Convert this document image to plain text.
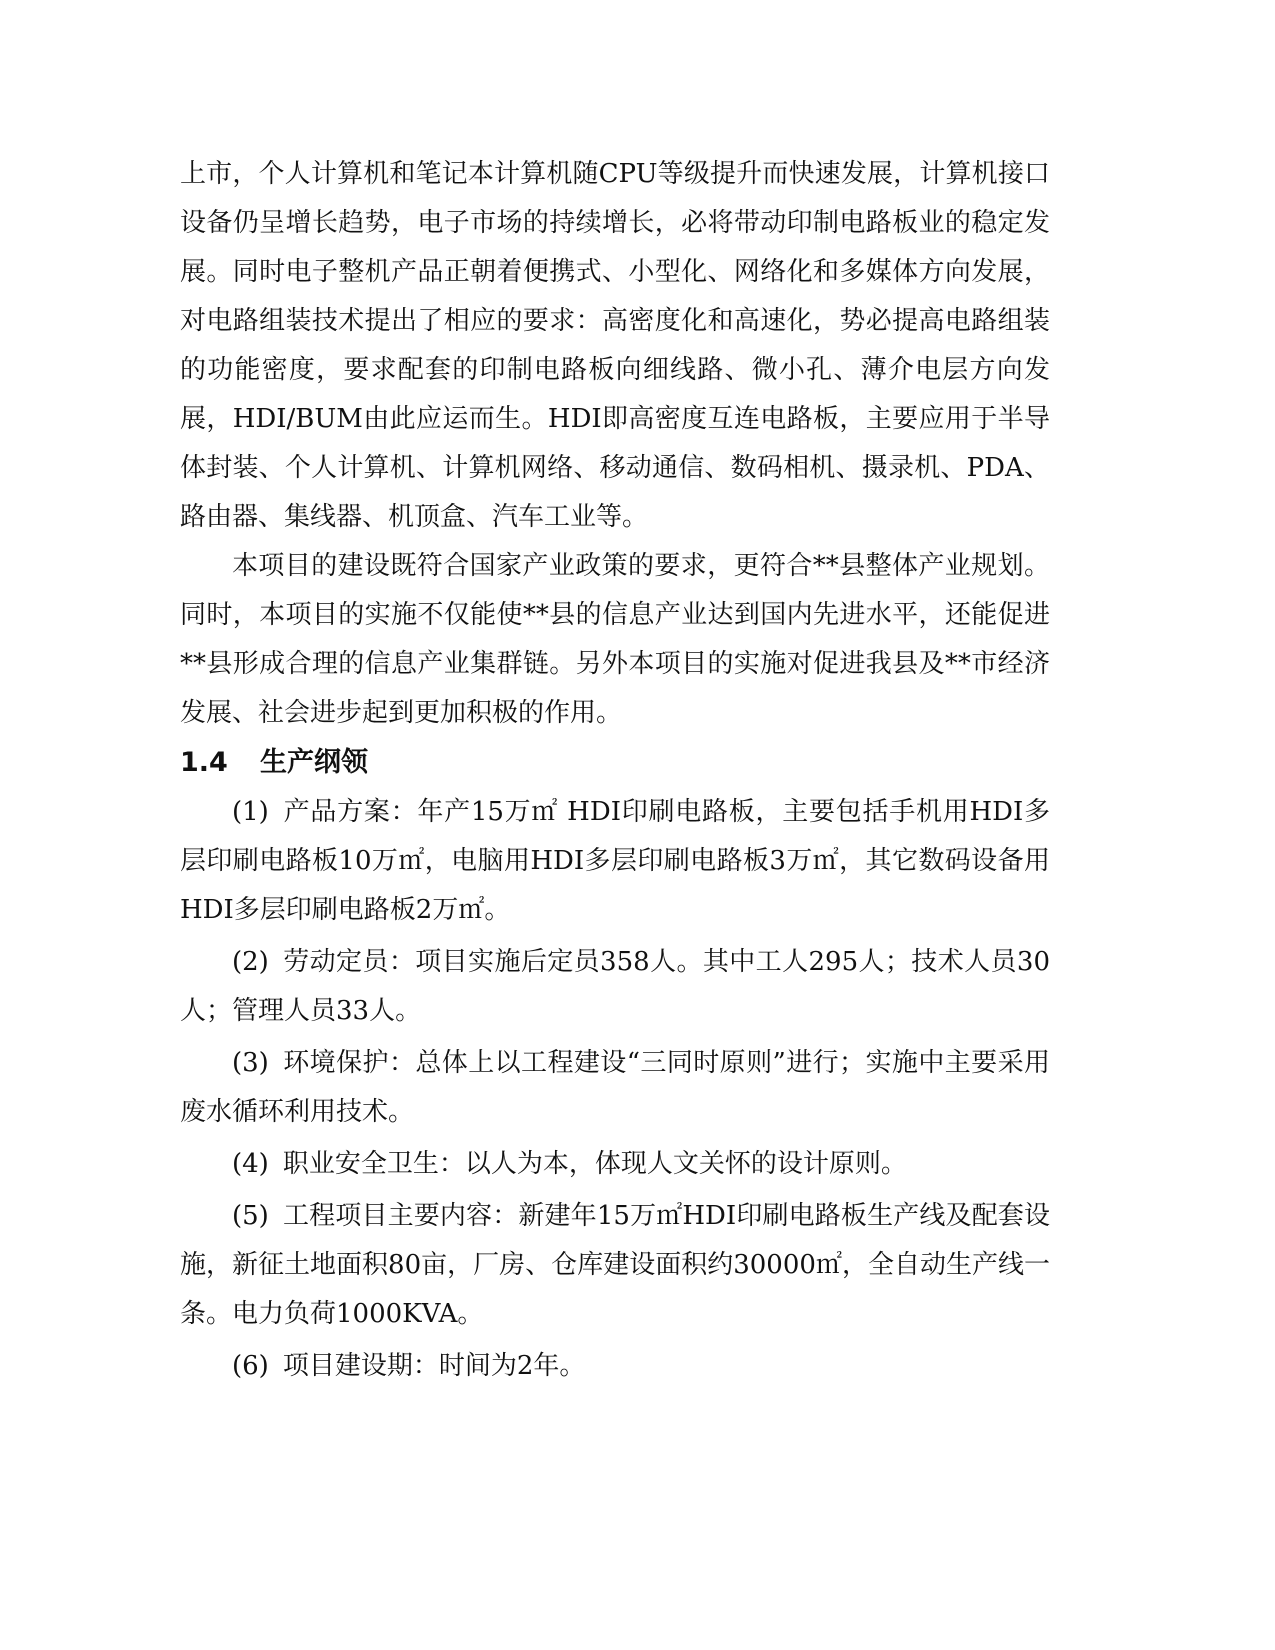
上市，个人计算机和笔记本计算机随CPU等级提升而快速发展，计算机接口设备仍呈增长趋势，电子市场的持续增长，必将带动印制电路板业的稳定发展。同时电子整机产品正朝着便携式、小型化、网络化和多媒体方向发展，对电路组装技术提出了相应的要求：高密度化和高速化，势必提高电路组装的功能密度，要求配套的印制电路板向细线路、微小孔、薄介电层方向发展，HDI/BUM由此应运而生。HDI即高密度互连电路板，主要应用于半导体封装、个人计算机、计算机网络、移动通信、数码相机、摄录机、PDA、路由器、集线器、机顶盒、汽车工业等。

本项目的建设既符合国家产业政策的要求，更符合**县整体产业规划。同时，本项目的实施不仅能使**县的信息产业达到国内先进水平，还能促进**县形成合理的信息产业集群链。另外本项目的实施对促进我县及**市经济发展、社会进步起到更加积极的作用。

1.4 生产纲领

(1) 产品方案：年产15万㎡ HDI印刷电路板，主要包括手机用HDI多层印刷电路板10万㎡，电脑用HDI多层印刷电路板3万㎡，其它数码设备用HDI多层印刷电路板2万㎡。

(2) 劳动定员：项目实施后定员358人。其中工人295人；技术人员30人；管理人员33人。

(3) 环境保护：总体上以工程建设“三同时原则”进行；实施中主要采用废水循环利用技术。

(4) 职业安全卫生：以人为本，体现人文关怀的设计原则。

(5) 工程项目主要内容：新建年15万㎡HDI印刷电路板生产线及配套设施，新征土地面积80亩，厂房、仓库建设面积约30000㎡，全自动生产线一条。电力负荷1000KVA。

(6) 项目建设期：时间为2年。
